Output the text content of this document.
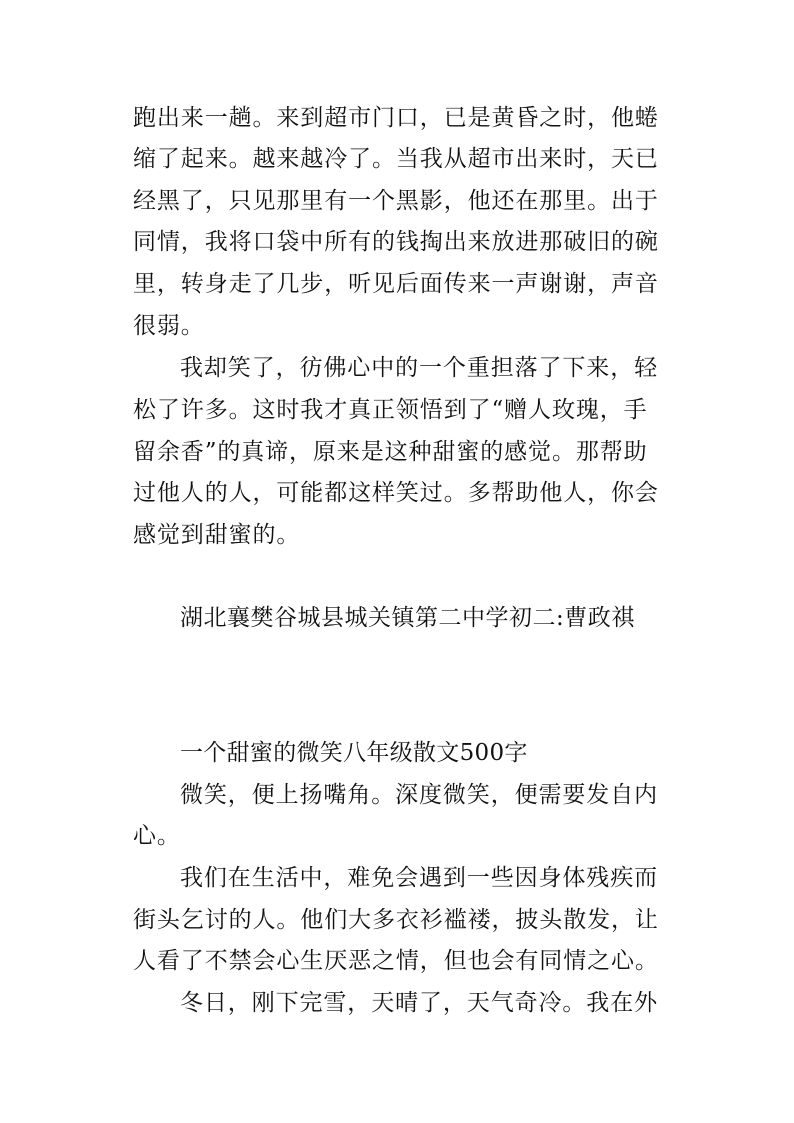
跑出来一趟。来到超市门口，已是黄昏之时，他蜷
缩了起来。越来越冷了。当我从超市出来时，天已
经黑了，只见那里有一个黑影，他还在那里。出于
同情，我将口袋中所有的钱掏出来放进那破旧的碗
里，转身走了几步，听见后面传来一声谢谢，声音
很弱。
我却笑了，彷佛心中的一个重担落了下来，轻
松了许多。这时我才真正领悟到了“赠人玫瑰，手
留余香”的真谛，原来是这种甜蜜的感觉。那帮助
过他人的人，可能都这样笑过。多帮助他人，你会
感觉到甜蜜的。
湖北襄樊谷城县城关镇第二中学初二:曹政祺
一个甜蜜的微笑八年级散文500字
微笑，便上扬嘴角。深度微笑，便需要发自内
心。
我们在生活中，难免会遇到一些因身体残疾而
街头乞讨的人。他们大多衣衫褴褛，披头散发，让
人看了不禁会心生厌恶之情，但也会有同情之心。
冬日，刚下完雪，天晴了，天气奇冷。我在外
